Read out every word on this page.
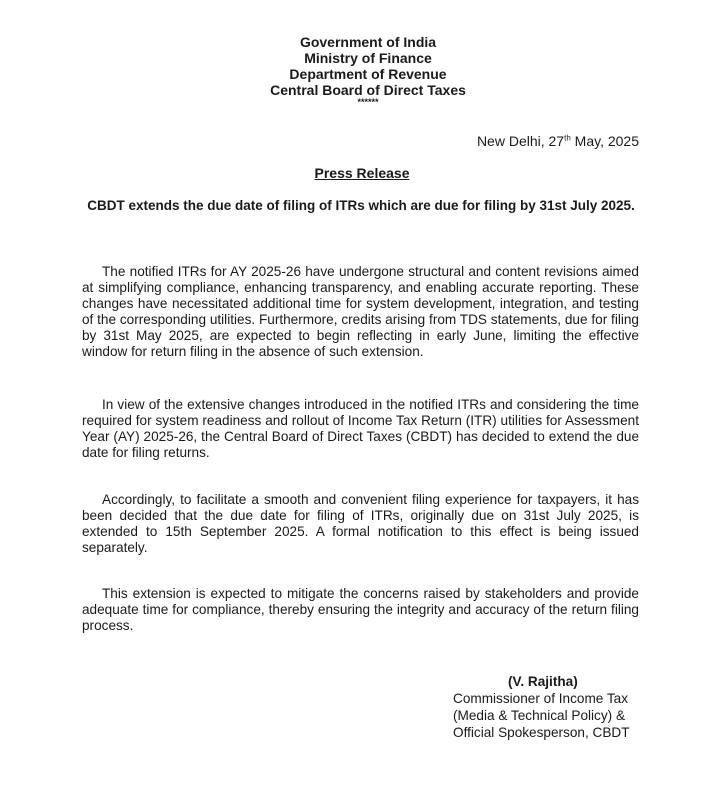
Government of India
Ministry of Finance
Department of Revenue
Central Board of Direct Taxes
******
New Delhi, 27th May, 2025
Press Release
CBDT extends the due date of filing of ITRs which are due for filing by 31st July 2025.

The notified ITRs for AY 2025-26 have undergone structural and content revisions aimed at simplifying compliance, enhancing transparency, and enabling accurate reporting. These changes have necessitated additional time for system development, integration, and testing of the corresponding utilities. Furthermore, credits arising from TDS statements, due for filing by 31st May 2025, are expected to begin reflecting in early June, limiting the effective window for return filing in the absence of such extension.

In view of the extensive changes introduced in the notified ITRs and considering the time required for system readiness and rollout of Income Tax Return (ITR) utilities for Assessment Year (AY) 2025-26, the Central Board of Direct Taxes (CBDT) has decided to extend the due date for filing returns.

Accordingly, to facilitate a smooth and convenient filing experience for taxpayers, it has been decided that the due date for filing of ITRs, originally due on 31st July 2025, is extended to 15th September 2025. A formal notification to this effect is being issued separately.

This extension is expected to mitigate the concerns raised by stakeholders and provide adequate time for compliance, thereby ensuring the integrity and accuracy of the return filing process.

(V. Rajitha)
Commissioner of Income Tax
(Media & Technical Policy) &
Official Spokesperson, CBDT
